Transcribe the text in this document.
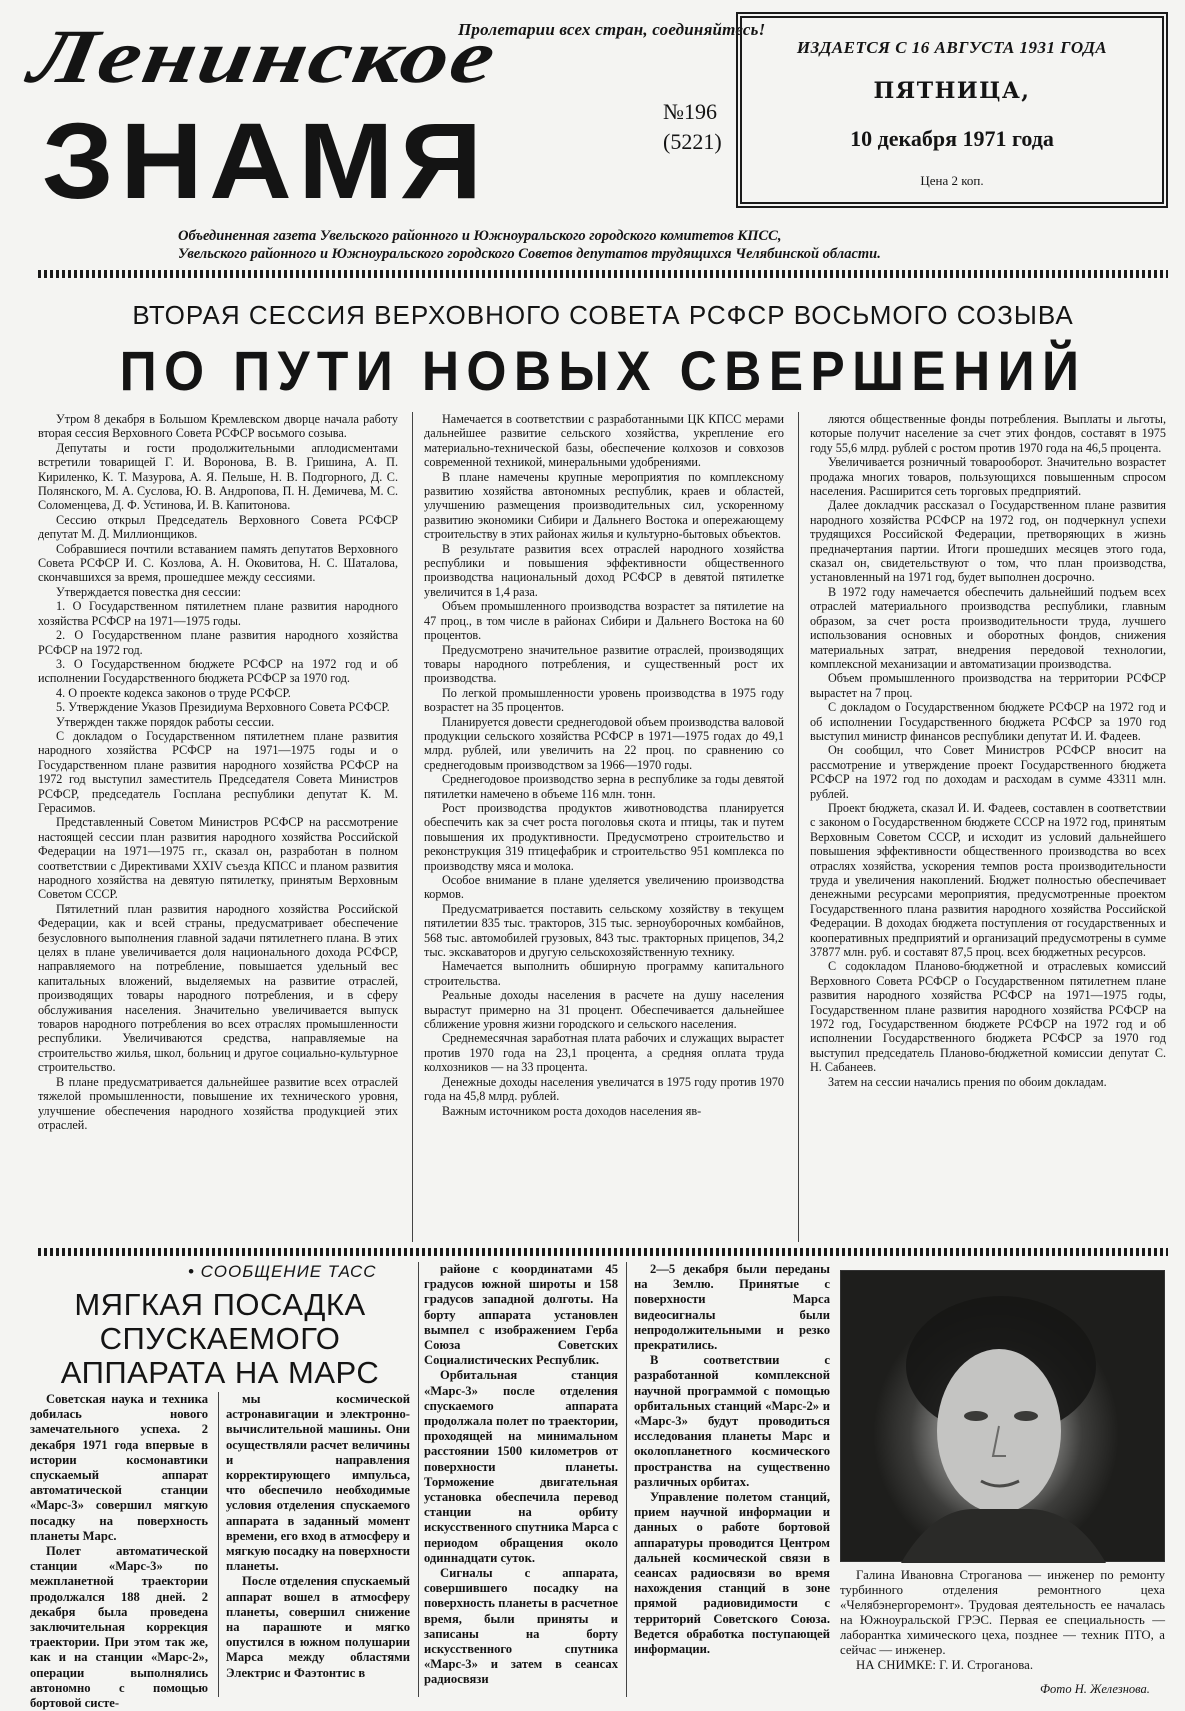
Пролетарии всех стран, соединяйтесь!
Ленинское
ЗНАМЯ	№196
(5221)
ИЗДАЕТСЯ С 16 АВГУСТА 1931 ГОДА
ПЯТНИЦА,
10 декабря 1971 года
Цена 2 коп.
Объединенная газета Увельского районного и Южноуральского городского комитетов КПСС,
Увельского районного и Южноуральского городского Советов депутатов трудящихся Челябинской области.
ВТОРАЯ СЕССИЯ ВЕРХОВНОГО СОВЕТА РСФСР ВОСЬМОГО СОЗЫВА
ПО ПУТИ НОВЫХ СВЕРШЕНИЙ

Утром 8 декабря в Большом Кремлевском дворце начала работу вторая сессия Верховного Совета РСФСР восьмого созыва.

Депутаты и гости продолжительными аплодисментами встретили товарищей Г. И. Воронова, В. В. Гришина, А. П. Кириленко, К. Т. Мазурова, А. Я. Пельше, Н. В. Подгорного, Д. С. Полянского, М. А. Суслова, Ю. В. Андропова, П. Н. Демичева, М. С. Соломенцева, Д. Ф. Устинова, И. В. Капитонова.

Сессию открыл Председатель Верховного Совета РСФСР депутат М. Д. Миллионщиков.

Собравшиеся почтили вставанием память депутатов Верховного Совета РСФСР И. С. Козлова, А. Н. Оковитова, Н. С. Шаталова, скончавшихся за время, прошедшее между сессиями.

Утверждается повестка дня сессии:

1. О Государственном пятилетнем плане развития народного хозяйства РСФСР на 1971—1975 годы.

2. О Государственном плане развития народного хозяйства РСФСР на 1972 год.

3. О Государственном бюджете РСФСР на 1972 год и об исполнении Государственного бюджета РСФСР за 1970 год.

4. О проекте кодекса законов о труде РСФСР.

5. Утверждение Указов Президиума Верховного Совета РСФСР.

Утвержден также порядок работы сессии.

С докладом о Государственном пятилетнем плане развития народного хозяйства РСФСР на 1971—1975 годы и о Государственном плане развития народного хозяйства РСФСР на 1972 год выступил заместитель Председателя Совета Министров РСФСР, председатель Госплана республики депутат К. М. Герасимов.

Представленный Советом Министров РСФСР на рассмотрение настоящей сессии план развития народного хозяйства Российской Федерации на 1971—1975 гг., сказал он, разработан в полном соответствии с Директивами XXIV съезда КПСС и планом развития народного хозяйства на девятую пятилетку, принятым Верховным Советом СССР.

Пятилетний план развития народного хозяйства Российской Федерации, как и всей страны, предусматривает обеспечение безусловного выполнения главной задачи пятилетнего плана. В этих целях в плане увеличивается доля национального дохода РСФСР, направляемого на потребление, повышается удельный вес капитальных вложений, выделяемых на развитие отраслей, производящих товары народного потребления, и в сферу обслуживания населения. Значительно увеличивается выпуск товаров народного потребления во всех отраслях промышленности республики. Увеличиваются средства, направляемые на строительство жилья, школ, больниц и другое социально-культурное строительство.

В плане предусматривается дальнейшее развитие всех отраслей тяжелой промышленности, повышение их технического уровня, улучшение обеспечения народного хозяйства продукцией этих отраслей.

Намечается в соответствии с разработанными ЦК КПСС мерами дальнейшее развитие сельского хозяйства, укрепление его материально-технической базы, обеспечение колхозов и совхозов современной техникой, минеральными удобрениями.

В плане намечены крупные мероприятия по комплексному развитию хозяйства автономных республик, краев и областей, улучшению размещения производительных сил, ускоренному развитию экономики Сибири и Дальнего Востока и опережающему строительству в этих районах жилья и культурно-бытовых объектов.

В результате развития всех отраслей народного хозяйства республики и повышения эффективности общественного производства национальный доход РСФСР в девятой пятилетке увеличится в 1,4 раза.

Объем промышленного производства возрастет за пятилетие на 47 проц., в том числе в районах Сибири и Дальнего Востока на 60 процентов.

Предусмотрено значительное развитие отраслей, производящих товары народного потребления, и существенный рост их производства.

По легкой промышленности уровень производства в 1975 году возрастет на 35 процентов.

Планируется довести среднегодовой объем производства валовой продукции сельского хозяйства РСФСР в 1971—1975 годах до 49,1 млрд. рублей, или увеличить на 22 проц. по сравнению со среднегодовым производством за 1966—1970 годы.

Среднегодовое производство зерна в республике за годы девятой пятилетки намечено в объеме 116 млн. тонн.

Рост производства продуктов животноводства планируется обеспечить как за счет роста поголовья скота и птицы, так и путем повышения их продуктивности. Предусмотрено строительство и реконструкция 319 птицефабрик и строительство 951 комплекса по производству мяса и молока.

Особое внимание в плане уделяется увеличению производства кормов.

Предусматривается поставить сельскому хозяйству в текущем пятилетии 835 тыс. тракторов, 315 тыс. зерноуборочных комбайнов, 568 тыс. автомобилей грузовых, 843 тыс. тракторных прицепов, 34,2 тыс. экскаваторов и другую сельскохозяйственную технику.

Намечается выполнить обширную программу капитального строительства.

Реальные доходы населения в расчете на душу населения вырастут примерно на 31 процент. Обеспечивается дальнейшее сближение уровня жизни городского и сельского населения.

Среднемесячная заработная плата рабочих и служащих вырастет против 1970 года на 23,1 процента, а средняя оплата труда колхозников — на 33 процента.

Денежные доходы населения увеличатся в 1975 году против 1970 года на 45,8 млрд. рублей.

Важным источником роста доходов населения яв-

ляются общественные фонды потребления. Выплаты и льготы, которые получит население за счет этих фондов, составят в 1975 году 55,6 млрд. рублей с ростом против 1970 года на 46,5 процента.

Увеличивается розничный товарооборот. Значительно возрастет продажа многих товаров, пользующихся повышенным спросом населения. Расширится сеть торговых предприятий.

Далее докладчик рассказал о Государственном плане развития народного хозяйства РСФСР на 1972 год, он подчеркнул успехи трудящихся Российской Федерации, претворяющих в жизнь предначертания партии. Итоги прошедших месяцев этого года, сказал он, свидетельствуют о том, что план производства, установленный на 1971 год, будет выполнен досрочно.

В 1972 году намечается обеспечить дальнейший подъем всех отраслей материального производства республики, главным образом, за счет роста производительности труда, лучшего использования основных и оборотных фондов, снижения материальных затрат, внедрения передовой технологии, комплексной механизации и автоматизации производства.

Объем промышленного производства на территории РСФСР вырастет на 7 проц.

С докладом о Государственном бюджете РСФСР на 1972 год и об исполнении Государственного бюджета РСФСР за 1970 год выступил министр финансов республики депутат И. И. Фадеев.

Он сообщил, что Совет Министров РСФСР вносит на рассмотрение и утверждение проект Государственного бюджета РСФСР на 1972 год по доходам и расходам в сумме 43311 млн. рублей.

Проект бюджета, сказал И. И. Фадеев, составлен в соответствии с законом о Государственном бюджете СССР на 1972 год, принятым Верховным Советом СССР, и исходит из условий дальнейшего повышения эффективности общественного производства во всех отраслях хозяйства, ускорения темпов роста производительности труда и увеличения накоплений. Бюджет полностью обеспечивает денежными ресурсами мероприятия, предусмотренные проектом Государственного плана развития народного хозяйства Российской Федерации. В доходах бюджета поступления от государственных и кооперативных предприятий и организаций предусмотрены в сумме 37877 млн. руб. и составят 87,5 проц. всех бюджетных ресурсов.

С содокладом Планово-бюджетной и отраслевых комиссий Верховного Совета РСФСР о Государственном пятилетнем плане развития народного хозяйства РСФСР на 1971—1975 годы, Государственном плане развития народного хозяйства РСФСР на 1972 год, Государственном бюджете РСФСР на 1972 год и об исполнении Государственного бюджета РСФСР за 1970 год выступил председатель Планово-бюджетной комиссии депутат С. Н. Сабанеев.

Затем на сессии начались прения по обоим докладам.

• СООБЩЕНИЕ ТАСС
МЯГКАЯ ПОСАДКА
СПУСКАЕМОГО
АППАРАТА НА МАРС

Советская наука и техника добилась нового замечательного успеха. 2 декабря 1971 года впервые в истории космонавтики спускаемый аппарат автоматической станции «Марс-3» совершил мягкую посадку на поверхность планеты Марс.

Полет автоматической станции «Марс-3» по межпланетной траектории продолжался 188 дней. 2 декабря была проведена заключительная коррекция траектории. При этом так же, как и на станции «Марс-2», операции выполнялись автономно с помощью бортовой систе-

мы космической астронавигации и электронно-вычислительной машины. Они осуществляли расчет величины и направления корректирующего импульса, что обеспечило необходимые условия отделения спускаемого аппарата в заданный момент времени, его вход в атмосферу и мягкую посадку на поверхности планеты.

После отделения спускаемый аппарат вошел в атмосферу планеты, совершил снижение на парашюте и мягко опустился в южном полушарии Марса между областями Электрис и Фаэтонтис в

районе с координатами 45 градусов южной широты и 158 градусов западной долготы. На борту аппарата установлен вымпел с изображением Герба Союза Советских Социалистических Республик.

Орбитальная станция «Марс-3» после отделения спускаемого аппарата продолжала полет по траектории, проходящей на минимальном расстоянии 1500 километров от поверхности планеты. Торможение двигательная установка обеспечила перевод станции на орбиту искусственного спутника Марса с периодом обращения около одиннадцати суток.

Сигналы с аппарата, совершившего посадку на поверхность планеты в расчетное время, были приняты и записаны на борту искусственного спутника «Марс-3» и затем в сеансах радиосвязи

2—5 декабря были переданы на Землю. Принятые с поверхности Марса видеосигналы были непродолжительными и резко прекратились.

В соответствии с разработанной комплексной научной программой с помощью орбитальных станций «Марс-2» и «Марс-3» будут проводиться исследования планеты Марс и околопланетного космического пространства на существенно различных орбитах.

Управление полетом станций, прием научной информации и данных о работе бортовой аппаратуры проводится Центром дальней космической связи в сеансах радиосвязи во время нахождения станций в зоне прямой радиовидимости с территорий Советского Союза. Ведется обработка поступающей информации.

Галина Ивановна Строганова — инженер по ремонту турбинного отделения ремонтного цеха «Челябэнергоремонт». Трудовая деятельность ее началась на Южноуральской ГРЭС. Первая ее специальность — лаборантка химического цеха, позднее — техник ПТО, а сейчас — инженер.

НА СНИМКЕ: Г. И. Строганова.

Фото Н. Железнова.
